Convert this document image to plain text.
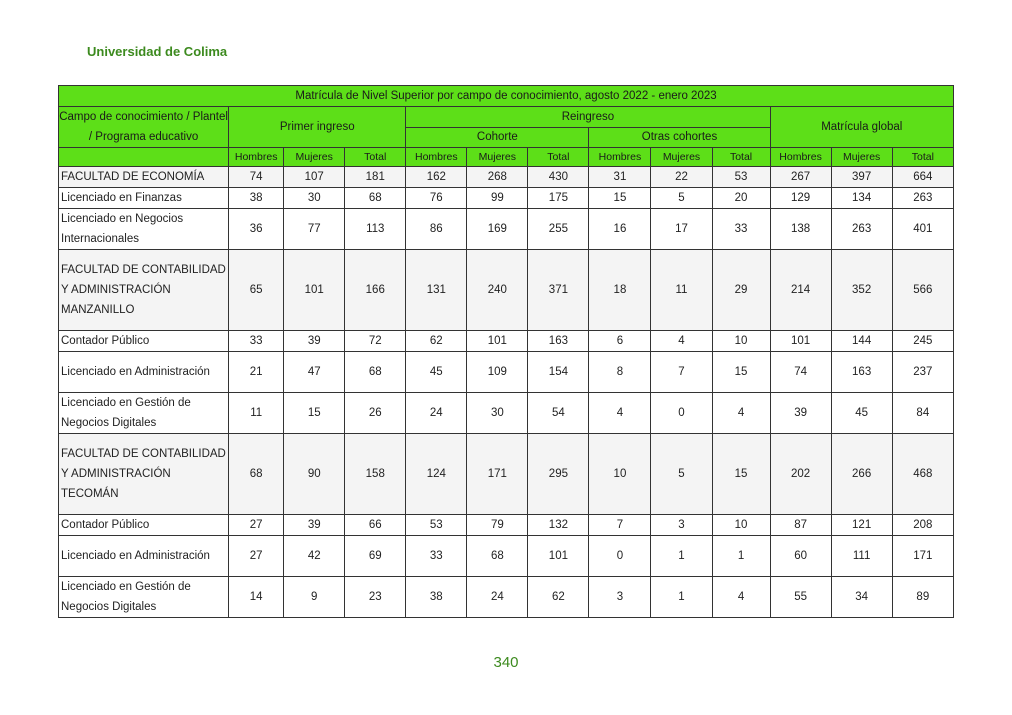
Universidad de Colima
Matrícula de Nivel Superior por campo de conocimiento, agosto 2022 - enero 2023												
Campo de conocimiento / Plantel / Programa educativo	Primer ingreso			Reingreso						Matrícula global		
				Cohorte			Otras cohortes					
	Hombres	Mujeres	Total	Hombres	Mujeres	Total	Hombres	Mujeres	Total	Hombres	Mujeres	Total
FACULTAD DE ECONOMÍA	74	107	181	162	268	430	31	22	53	267	397	664
Licenciado en Finanzas	38	30	68	76	99	175	15	5	20	129	134	263
Licenciado en Negocios Internacionales	36	77	113	86	169	255	16	17	33	138	263	401
FACULTAD DE CONTABILIDAD Y ADMINISTRACIÓN MANZANILLO	65	101	166	131	240	371	18	11	29	214	352	566
Contador Público	33	39	72	62	101	163	6	4	10	101	144	245
Licenciado en Administración	21	47	68	45	109	154	8	7	15	74	163	237
Licenciado en Gestión de Negocios Digitales	11	15	26	24	30	54	4	0	4	39	45	84
FACULTAD DE CONTABILIDAD Y ADMINISTRACIÓN TECOMÁN	68	90	158	124	171	295	10	5	15	202	266	468
Contador Público	27	39	66	53	79	132	7	3	10	87	121	208
Licenciado en Administración	27	42	69	33	68	101	0	1	1	60	111	171
Licenciado en Gestión de Negocios Digitales	14	9	23	38	24	62	3	1	4	55	34	89
340
